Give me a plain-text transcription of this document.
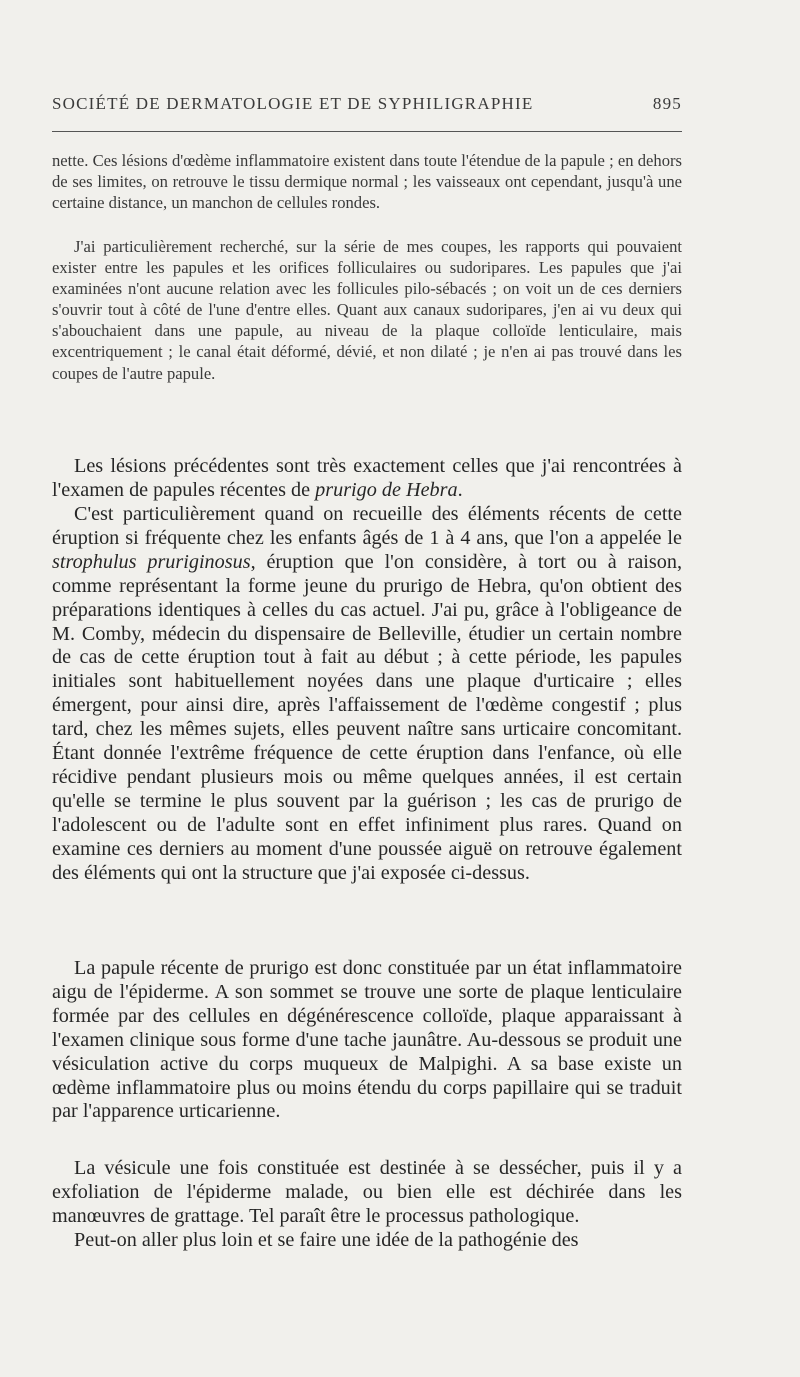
SOCIÉTÉ DE DERMATOLOGIE ET DE SYPHILIGRAPHIE	895

nette. Ces lésions d'œdème inflammatoire existent dans toute l'étendue de la papule ; en dehors de ses limites, on retrouve le tissu dermique normal ; les vaisseaux ont cependant, jusqu'à une certaine distance, un manchon de cellules rondes.

J'ai particulièrement recherché, sur la série de mes coupes, les rapports qui pouvaient exister entre les papules et les orifices folliculaires ou sudoripares. Les papules que j'ai examinées n'ont aucune relation avec les follicules pilo-sébacés ; on voit un de ces derniers s'ouvrir tout à côté de l'une d'entre elles. Quant aux canaux sudoripares, j'en ai vu deux qui s'abouchaient dans une papule, au niveau de la plaque colloïde lenticulaire, mais excentriquement ; le canal était déformé, dévié, et non dilaté ; je n'en ai pas trouvé dans les coupes de l'autre papule.

Les lésions précédentes sont très exactement celles que j'ai rencontrées à l'examen de papules récentes de prurigo de Hebra.

C'est particulièrement quand on recueille des éléments récents de cette éruption si fréquente chez les enfants âgés de 1 à 4 ans, que l'on a appelée le strophulus pruriginosus, éruption que l'on considère, à tort ou à raison, comme représentant la forme jeune du prurigo de Hebra, qu'on obtient des préparations identiques à celles du cas actuel. J'ai pu, grâce à l'obligeance de M. Comby, médecin du dispensaire de Belleville, étudier un certain nombre de cas de cette éruption tout à fait au début ; à cette période, les papules initiales sont habituellement noyées dans une plaque d'urticaire ; elles émergent, pour ainsi dire, après l'affaissement de l'œdème congestif ; plus tard, chez les mêmes sujets, elles peuvent naître sans urticaire concomitant. Étant donnée l'extrême fréquence de cette éruption dans l'enfance, où elle récidive pendant plusieurs mois ou même quelques années, il est certain qu'elle se termine le plus souvent par la guérison ; les cas de prurigo de l'adolescent ou de l'adulte sont en effet infiniment plus rares. Quand on examine ces derniers au moment d'une poussée aiguë on retrouve également des éléments qui ont la structure que j'ai exposée ci-dessus.

La papule récente de prurigo est donc constituée par un état inflammatoire aigu de l'épiderme. A son sommet se trouve une sorte de plaque lenticulaire formée par des cellules en dégénérescence colloïde, plaque apparaissant à l'examen clinique sous forme d'une tache jaunâtre. Au-dessous se produit une vésiculation active du corps muqueux de Malpighi. A sa base existe un œdème inflammatoire plus ou moins étendu du corps papillaire qui se traduit par l'apparence urticarienne.

La vésicule une fois constituée est destinée à se dessécher, puis il y a exfoliation de l'épiderme malade, ou bien elle est déchirée dans les manœuvres de grattage. Tel paraît être le processus pathologique.

Peut-on aller plus loin et se faire une idée de la pathogénie des
